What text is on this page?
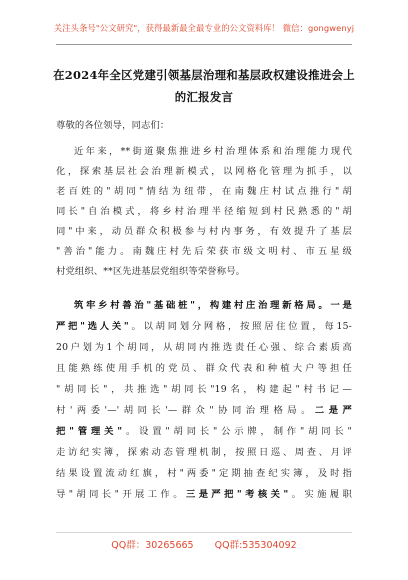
关注头条号"公文研究"，获得最新最全最专业的公文资料库！ 微信：gongwenyj
在2024年全区党建引领基层治理和基层政权建设推进会上
的汇报发言
尊敬的各位领导，同志们：
近年来，**街道聚焦推进乡村治理体系和治理能力现代
化，探索基层社会治理新模式，以网格化管理为抓手，以
老百姓的"胡同"情结为纽带，在南魏庄村试点推行"胡
同长"自治模式，将乡村治理半径缩短到村民熟悉的"胡
同"中来，动员群众积极参与村内事务，有效提升了基层
"善治"能力。南魏庄村先后荣获市级文明村、市五星级
村党组织、**区先进基层党组织等荣誉称号。
筑牢乡村善治"基础桩"，构建村庄治理新格局。一是
严把"选人关"。以胡同划分网格，按照居住位置，每15-
20户划为1个胡同，从胡同内推选责任心强、综合素质高
且能熟练使用手机的党员、群众代表和种植大户等担任
"胡同长"，共推选"胡同长"19名，构建起"村书记—
村'两委'—'胡同长'—群众"协同治理格局。二是严
把"管理关"。设置"胡同长"公示牌，制作"胡同长"
走访纪实簿，探索动态管理机制，按照日巡、周查、月评
结果设置流动红旗，村"两委"定期抽查纪实簿，及时指
导"胡同长"开展工作。三是严把"考核关"。实施履职
QQ群：30265665 QQ群:535304092
